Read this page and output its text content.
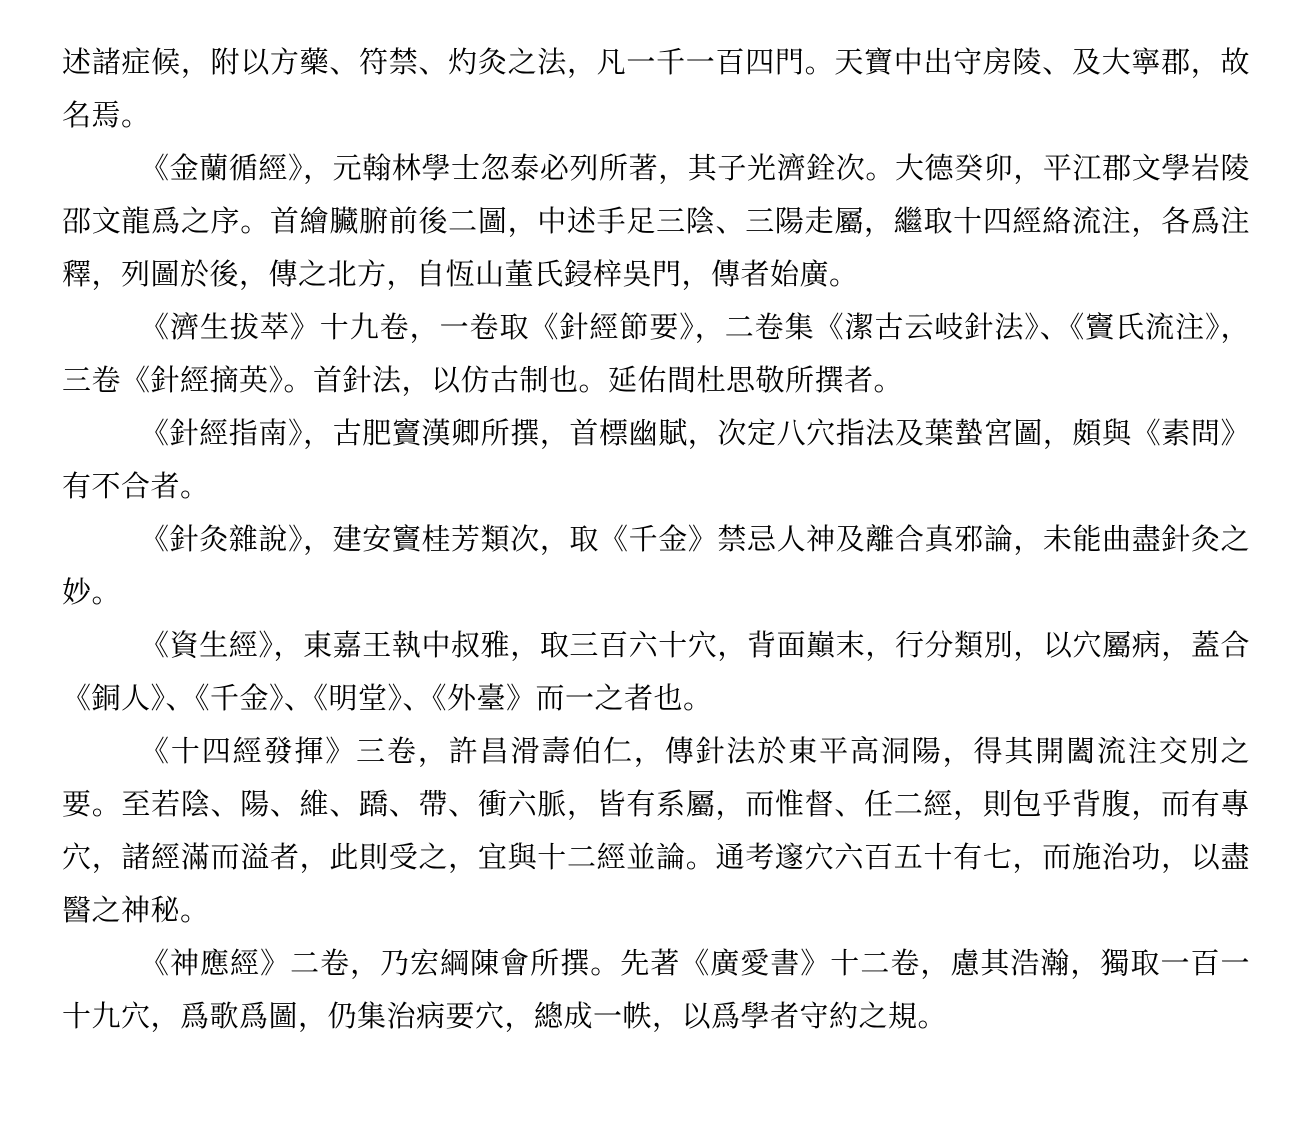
述諸症候，附以方藥、符禁、灼灸之法，凡一千一百四門。天寶中出守房陵、及大寧郡，故名焉。

《金蘭循經》，元翰林學士忽泰必列所著，其子光濟銓次。大德癸卯，平江郡文學岩陵邵文龍爲之序。首繪臟腑前後二圖，中述手足三陰、三陽走屬，繼取十四經絡流注，各爲注釋，列圖於後，傳之北方，自恆山董氏鋟梓吳門，傳者始廣。

《濟生拔萃》十九卷，一卷取《針經節要》，二卷集《潔古云岐針法》、《竇氏流注》，三卷《針經摘英》。首針法，以仿古制也。延佑間杜思敬所撰者。

《針經指南》，古肥竇漢卿所撰，首標幽賦，次定八穴指法及葉蟄宮圖，頗與《素問》有不合者。

《針灸雜說》，建安竇桂芳類次，取《千金》禁忌人神及離合真邪論，未能曲盡針灸之妙。

《資生經》，東嘉王執中叔雅，取三百六十穴，背面巔末，行分類別，以穴屬病，蓋合《銅人》、《千金》、《明堂》、《外臺》而一之者也。

《十四經發揮》三卷，許昌滑壽伯仁，傳針法於東平高洞陽，得其開闔流注交別之要。至若陰、陽、維、蹻、帶、衝六脈，皆有系屬，而惟督、任二經，則包乎背腹，而有專穴，諸經滿而溢者，此則受之，宜與十二經並論。通考邃穴六百五十有七，而施治功，以盡醫之神秘。

《神應經》二卷，乃宏綱陳會所撰。先著《廣愛書》十二卷，慮其浩瀚，獨取一百一十九穴，爲歌爲圖，仍集治病要穴，總成一帙，以爲學者守約之規。
